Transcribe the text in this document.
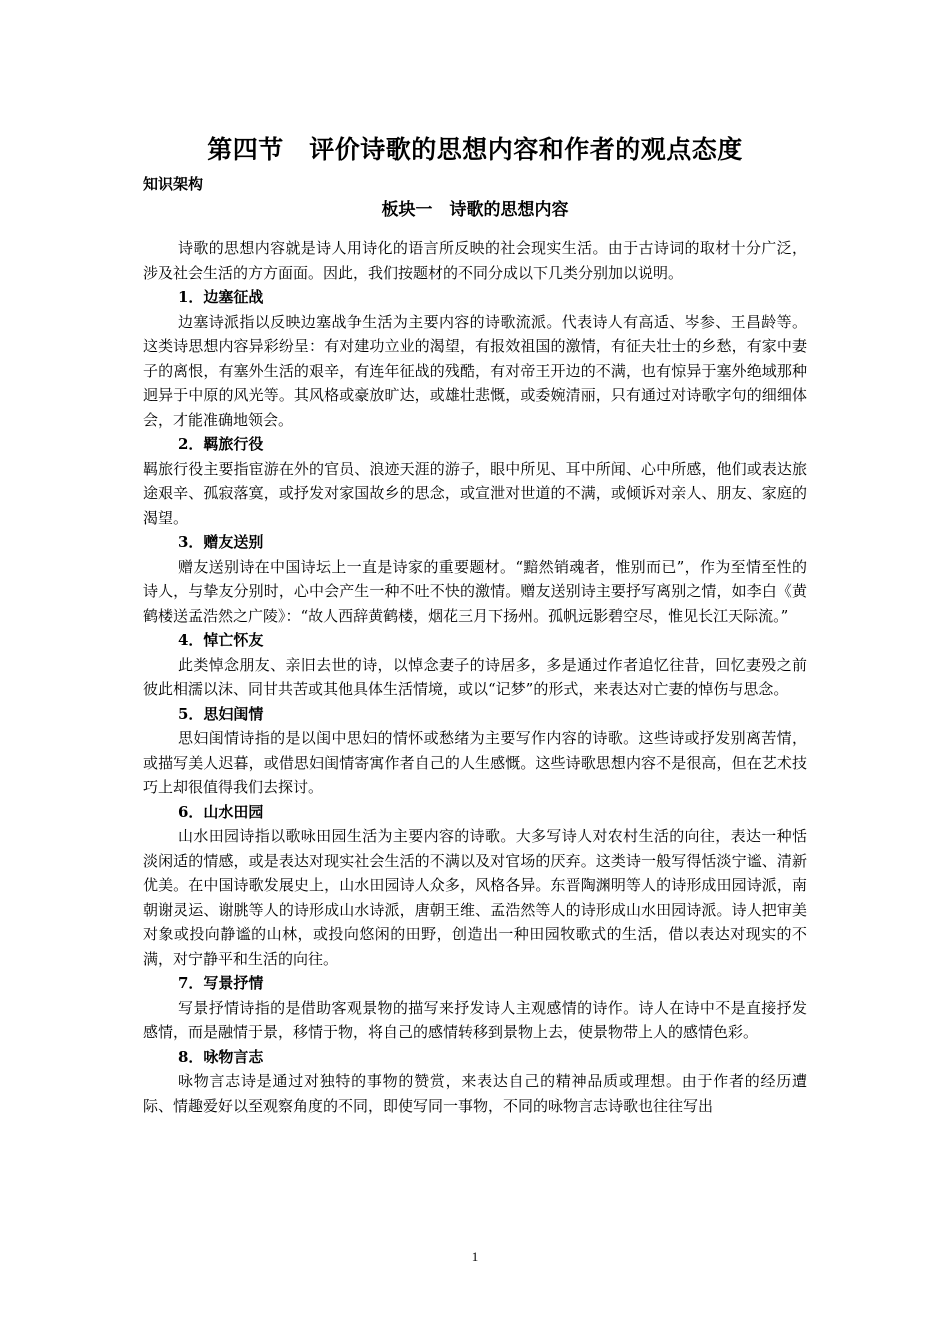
第四节　评价诗歌的思想内容和作者的观点态度
知识架构
板块一　诗歌的思想内容

诗歌的思想内容就是诗人用诗化的语言所反映的社会现实生活。由于古诗词的取材十分广泛，涉及社会生活的方方面面。因此，我们按题材的不同分成以下几类分别加以说明。

1．边塞征战

边塞诗派指以反映边塞战争生活为主要内容的诗歌流派。代表诗人有高适、岑参、王昌龄等。这类诗思想内容异彩纷呈：有对建功立业的渴望，有报效祖国的激情，有征夫壮士的乡愁，有家中妻子的离恨，有塞外生活的艰辛，有连年征战的残酷，有对帝王开边的不满，也有惊异于塞外绝域那种迥异于中原的风光等。其风格或豪放旷达，或雄壮悲慨，或委婉清丽，只有通过对诗歌字句的细细体会，才能准确地领会。

2．羁旅行役

羁旅行役主要指宦游在外的官员、浪迹天涯的游子，眼中所见、耳中所闻、心中所感，他们或表达旅途艰辛、孤寂落寞，或抒发对家国故乡的思念，或宣泄对世道的不满，或倾诉对亲人、朋友、家庭的渴望。

3．赠友送别

赠友送别诗在中国诗坛上一直是诗家的重要题材。“黯然销魂者，惟别而已”，作为至情至性的诗人，与挚友分别时，心中会产生一种不吐不快的激情。赠友送别诗主要抒写离别之情，如李白《黄鹤楼送孟浩然之广陵》：“故人西辞黄鹤楼，烟花三月下扬州。孤帆远影碧空尽，惟见长江天际流。”

4．悼亡怀友

此类悼念朋友、亲旧去世的诗，以悼念妻子的诗居多，多是通过作者追忆往昔，回忆妻殁之前彼此相濡以沫、同甘共苦或其他具体生活情境，或以“记梦”的形式，来表达对亡妻的悼伤与思念。

5．思妇闺情

思妇闺情诗指的是以闺中思妇的情怀或愁绪为主要写作内容的诗歌。这些诗或抒发别离苦情，或描写美人迟暮，或借思妇闺情寄寓作者自己的人生感慨。这些诗歌思想内容不是很高，但在艺术技巧上却很值得我们去探讨。

6．山水田园

山水田园诗指以歌咏田园生活为主要内容的诗歌。大多写诗人对农村生活的向往，表达一种恬淡闲适的情感，或是表达对现实社会生活的不满以及对官场的厌弃。这类诗一般写得恬淡宁谧、清新优美。在中国诗歌发展史上，山水田园诗人众多，风格各异。东晋陶渊明等人的诗形成田园诗派，南朝谢灵运、谢朓等人的诗形成山水诗派，唐朝王维、孟浩然等人的诗形成山水田园诗派。诗人把审美对象或投向静谧的山林，或投向悠闲的田野，创造出一种田园牧歌式的生活，借以表达对现实的不满，对宁静平和生活的向往。

7．写景抒情

写景抒情诗指的是借助客观景物的描写来抒发诗人主观感情的诗作。诗人在诗中不是直接抒发感情，而是融情于景，移情于物，将自己的感情转移到景物上去，使景物带上人的感情色彩。

8．咏物言志

咏物言志诗是通过对独特的事物的赞赏，来表达自己的精神品质或理想。由于作者的经历遭际、情趣爱好以至观察角度的不同，即使写同一事物，不同的咏物言志诗歌也往往写出

1
